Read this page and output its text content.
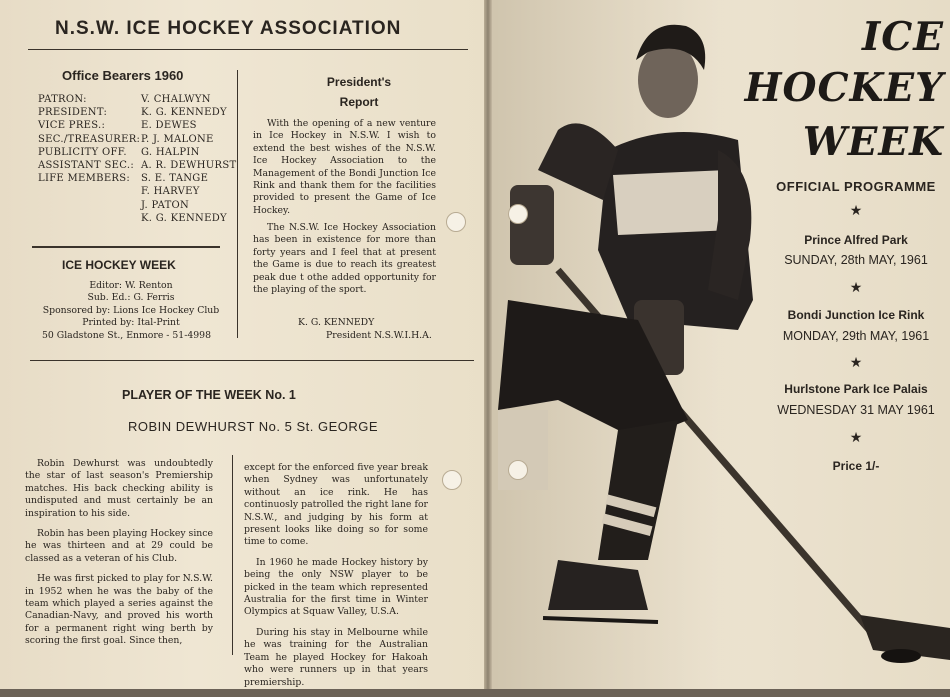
N.S.W. ICE HOCKEY ASSOCIATION
Office Bearers 1960
PATRON:	V. CHALWYN
PRESIDENT:	K. G. KENNEDY
VICE PRES.:	E. DEWES
SEC./TREASURER: P. J. MALONE
PUBLICITY OFF.	G. HALPIN
ASSISTANT SEC.: A. R. DEWHURST
LIFE MEMBERS:	S. E. TANGE
F. HARVEY
J. PATON
K. G. KENNEDY
President's
Report
With the opening of a new venture in Ice Hockey in N.S.W. I wish to extend the best wishes of the N.S.W. Ice Hockey Association to the Management of the Bondi Junction Ice Rink and thank them for the facilities provided to present the Game of Ice Hockey.
The N.S.W. Ice Hockey Association has been in existence for more than forty years and I feel that at present the Game is due to reach its greatest peak due t othe added opportunity for the playing of the sport.
K. G. KENNEDY
President N.S.W.I.H.A.
ICE HOCKEY WEEK
Editor: W. Renton
Sub. Ed.: G. Ferris
Sponsored by: Lions Ice Hockey Club
Printed by: Ital-Print
50 Gladstone St., Enmore - 51-4998
PLAYER OF THE WEEK No. 1
ROBIN DEWHURST No. 5 St. GEORGE

Robin Dewhurst was undoubtedly the star of last season's Premiership matches. His back checking ability is undisputed and must certainly be an inspiration to his side.

Robin has been playing Hockey since he was thirteen and at 29 could be classed as a veteran of his Club.

He was first picked to play for N.S.W. in 1952 when he was the baby of the team which played a series against the Canadian-Navy, and proved his worth for a permanent right wing berth by scoring the first goal. Since then,

except for the enforced five year break when Sydney was unfortunately without an ice rink. He has continuosly patrolled the right lane for N.S.W., and judging by his form at present looks like doing so for some time to come.

In 1960 he made Hockey history by being the only NSW player to be picked in the team which represented Australia for the first time in Winter Olympics at Squaw Valley, U.S.A.

During his stay in Melbourne while he was training for the Australian Team he played Hockey for Hakoah who were runners up in that years premiership.

ICE
HOCKEY
WEEK
OFFICIAL PROGRAMME
★
Prince Alfred Park
SUNDAY, 28th MAY, 1961
★
Bondi Junction Ice Rink
MONDAY, 29th MAY, 1961
★
Hurlstone Park Ice Palais
WEDNESDAY 31 MAY 1961
★
Price 1/-
